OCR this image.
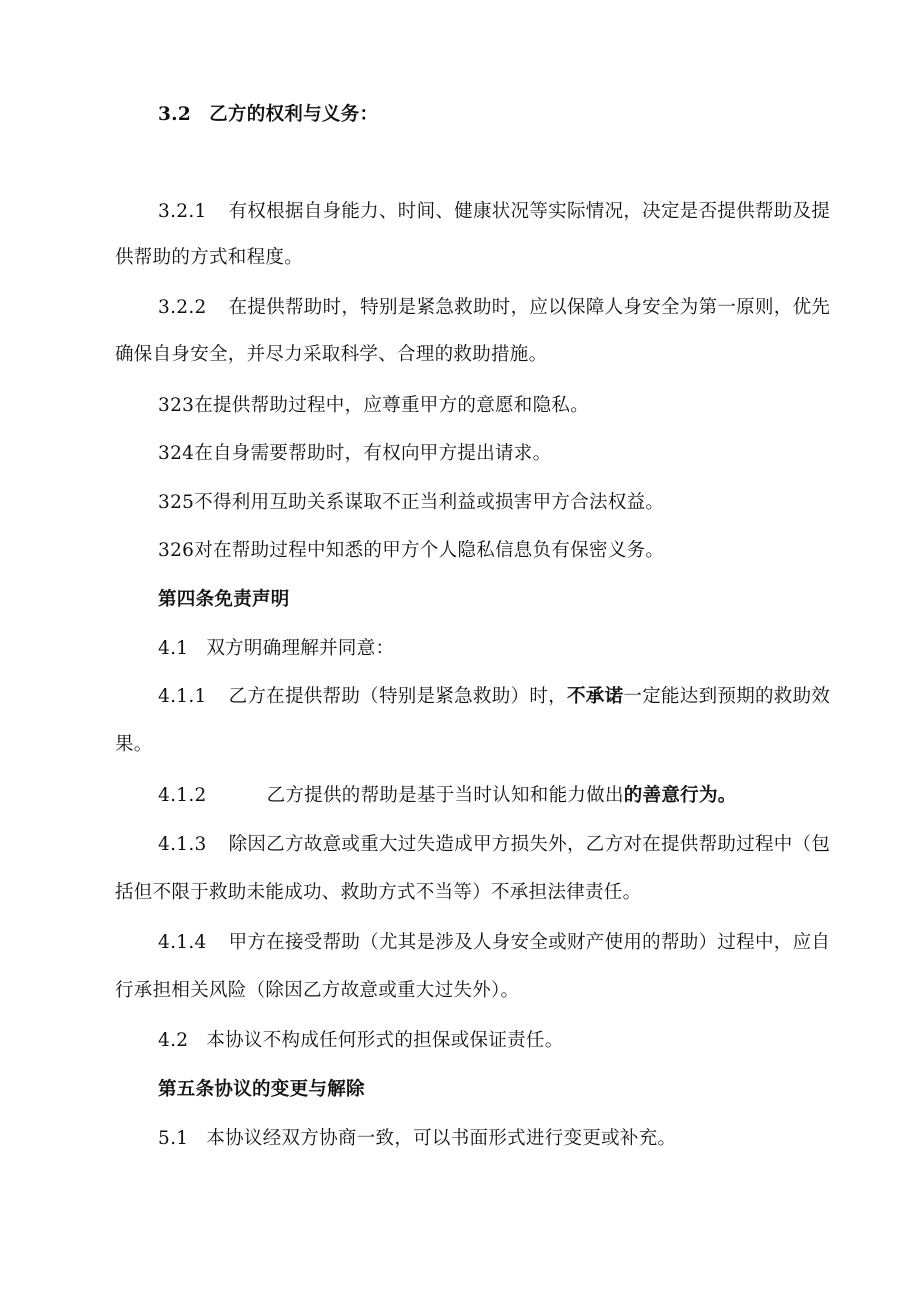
3.2 乙方的权利与义务：
3.2.1 有权根据自身能力、时间、健康状况等实际情况，决定是否提供帮助及提
供帮助的方式和程度。
3.2.2 在提供帮助时，特别是紧急救助时，应以保障人身安全为第一原则，优先
确保自身安全，并尽力采取科学、合理的救助措施。
323在提供帮助过程中，应尊重甲方的意愿和隐私。
324在自身需要帮助时，有权向甲方提出请求。
325不得利用互助关系谋取不正当利益或损害甲方合法权益。
326对在帮助过程中知悉的甲方个人隐私信息负有保密义务。
第四条免责声明
4.1 双方明确理解并同意：
4.1.1 乙方在提供帮助（特别是紧急救助）时，不承诺一定能达到预期的救助效
果。
4.1.2	乙方提供的帮助是基于当时认知和能力做出的善意行为。
4.1.3 除因乙方故意或重大过失造成甲方损失外，乙方对在提供帮助过程中（包
括但不限于救助未能成功、救助方式不当等）不承担法律责任。
4.1.4 甲方在接受帮助（尤其是涉及人身安全或财产使用的帮助）过程中，应自
行承担相关风险（除因乙方故意或重大过失外）。
4.2 本协议不构成任何形式的担保或保证责任。
第五条协议的变更与解除
5.1 本协议经双方协商一致，可以书面形式进行变更或补充。
